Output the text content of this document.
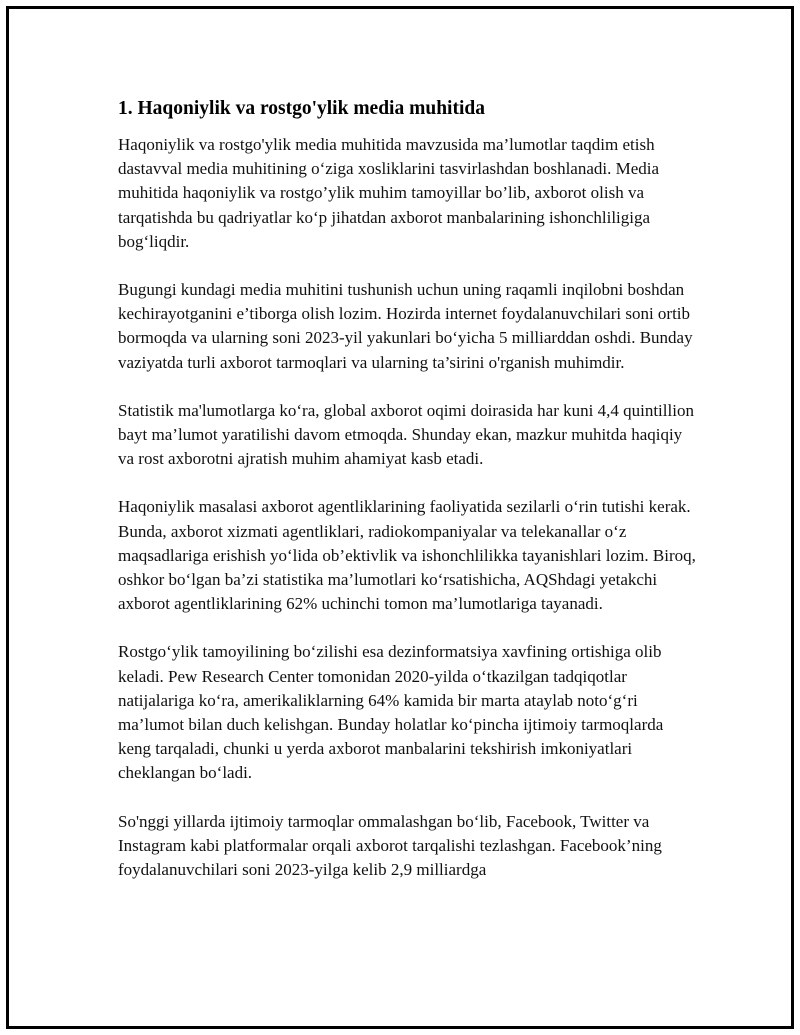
1. Haqoniylik va rostgo'ylik media muhitida

Haqoniylik va rostgo'ylik media muhitida mavzusida ma’lumotlar taqdim etish dastavval media muhitining o‘ziga xosliklarini tasvirlashdan boshlanadi. Media muhitida haqoniylik va rostgo’ylik muhim tamoyillar bo’lib, axborot olish va tarqatishda bu qadriyatlar ko‘p jihatdan axborot manbalarining ishonchliligiga bog‘liqdir.

Bugungi kundagi media muhitini tushunish uchun uning raqamli inqilobni boshdan kechirayotganini e’tiborga olish lozim. Hozirda internet foydalanuvchilari soni ortib bormoqda va ularning soni 2023-yil yakunlari bo‘yicha 5 milliarddan oshdi. Bunday vaziyatda turli axborot tarmoqlari va ularning ta’sirini o'rganish muhimdir.

Statistik ma'lumotlarga ko‘ra, global axborot oqimi doirasida har kuni 4,4 quintillion bayt ma’lumot yaratilishi davom etmoqda. Shunday ekan, mazkur muhitda haqiqiy va rost axborotni ajratish muhim ahamiyat kasb etadi.

Haqoniylik masalasi axborot agentliklarining faoliyatida sezilarli o‘rin tutishi kerak. Bunda, axborot xizmati agentliklari, radiokompaniyalar va telekanallar o‘z maqsadlariga erishish yo‘lida ob’ektivlik va ishonchlilikka tayanishlari lozim. Biroq, oshkor bo‘lgan ba’zi statistika ma’lumotlari ko‘rsatishicha, AQShdagi yetakchi axborot agentliklarining 62% uchinchi tomon ma’lumotlariga tayanadi.

Rostgo‘ylik tamoyilining bo‘zilishi esa dezinformatsiya xavfining ortishiga olib keladi. Pew Research Center tomonidan 2020-yilda o‘tkazilgan tadqiqotlar natijalariga ko‘ra, amerikaliklarning 64% kamida bir marta ataylab noto‘g‘ri ma’lumot bilan duch kelishgan. Bunday holatlar ko‘pincha ijtimoiy tarmoqlarda keng tarqaladi, chunki u yerda axborot manbalarini tekshirish imkoniyatlari cheklangan bo‘ladi.

So'nggi yillarda ijtimoiy tarmoqlar ommalashgan bo‘lib, Facebook, Twitter va Instagram kabi platformalar orqali axborot tarqalishi tezlashgan. Facebook’ning foydalanuvchilari soni 2023-yilga kelib 2,9 milliardga
